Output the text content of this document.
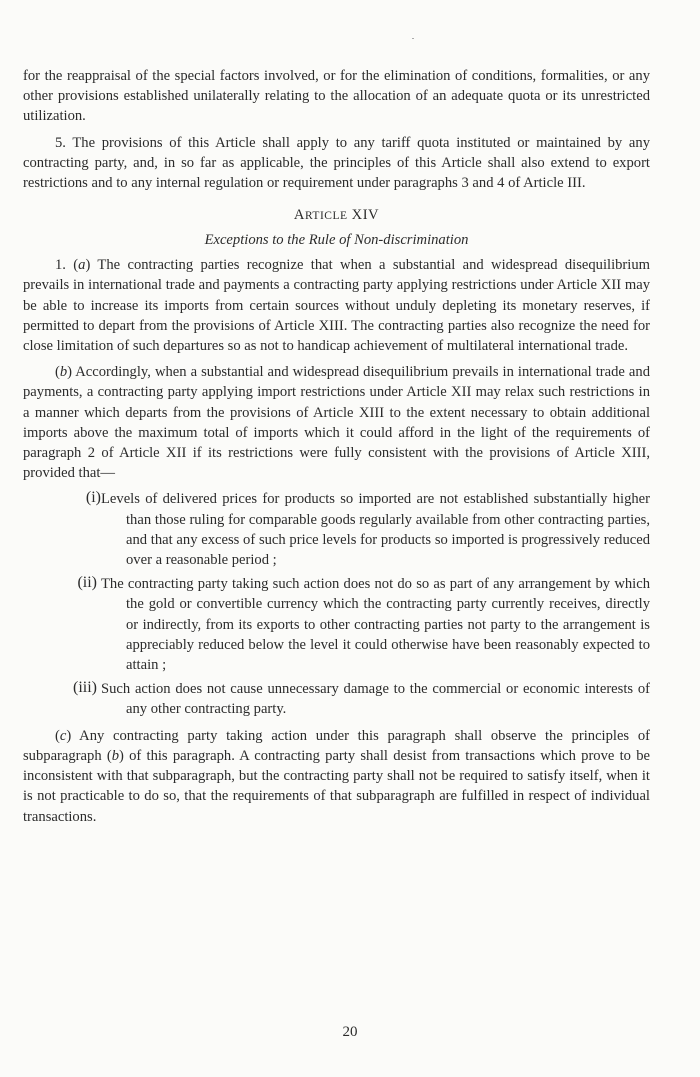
for the reappraisal of the special factors involved, or for the elimination of conditions, formalities, or any other provisions established unilaterally relating to the allocation of an adequate quota or its unrestricted utilization.

5. The provisions of this Article shall apply to any tariff quota instituted or maintained by any contracting party, and, in so far as applicable, the principles of this Article shall also extend to export restrictions and to any internal regulation or requirement under paragraphs 3 and 4 of Article III.

ARTICLE XIV
Exceptions to the Rule of Non-discrimination

1. (a) The contracting parties recognize that when a substantial and widespread disequilibrium prevails in international trade and payments a contracting party applying restrictions under Article XII may be able to increase its imports from certain sources without unduly depleting its monetary reserves, if permitted to depart from the provisions of Article XIII. The contracting parties also recognize the need for close limitation of such departures so as not to handicap achievement of multilateral international trade.

(b) Accordingly, when a substantial and widespread disequilibrium prevails in international trade and payments, a contracting party applying import restrictions under Article XII may relax such restrictions in a manner which departs from the provisions of Article XIII to the extent necessary to obtain additional imports above the maximum total of imports which it could afford in the light of the requirements of paragraph 2 of Article XII if its restrictions were fully consistent with the provisions of Article XIII, provided that—

(i) Levels of delivered prices for products so imported are not established substantially higher than those ruling for comparable goods regularly available from other contracting parties, and that any excess of such price levels for products so imported is progressively reduced over a reasonable period ;

(ii) The contracting party taking such action does not do so as part of any arrangement by which the gold or convertible currency which the contracting party currently receives, directly or indirectly, from its exports to other contracting parties not party to the arrangement is appreciably reduced below the level it could otherwise have been reasonably expected to attain ;

(iii) Such action does not cause unnecessary damage to the commercial or economic interests of any other contracting party.

(c) Any contracting party taking action under this paragraph shall observe the principles of subparagraph (b) of this paragraph. A contracting party shall desist from transactions which prove to be inconsistent with that subparagraph, but the contracting party shall not be required to satisfy itself, when it is not practicable to do so, that the requirements of that subparagraph are fulfilled in respect of individual transactions.

20
